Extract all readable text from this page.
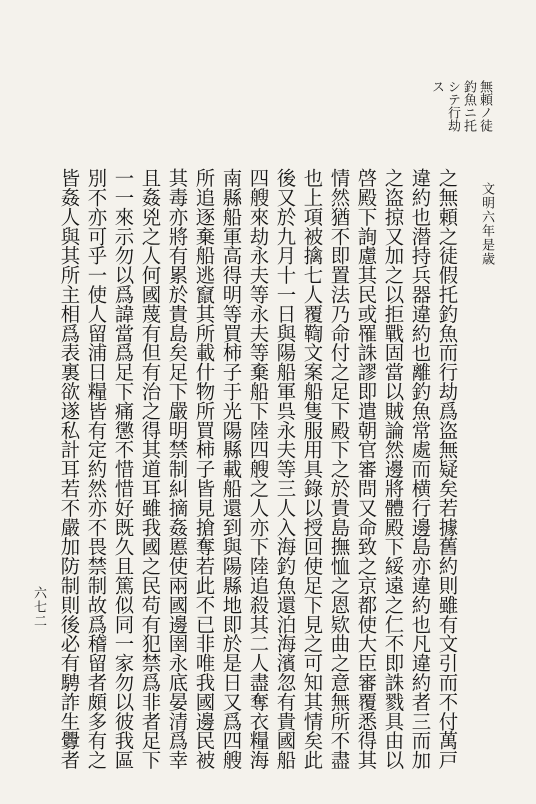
無頼ノ徒
釣魚ニ托
シテ行劫
ス
文明六年是歳
之無頼之徒假托釣魚而行劫爲盗無疑矣若據舊約則雖有文引而不付萬戸
違約也潜持兵器違約也離釣魚常處而横行邊島亦違約也凡違約者三而加
之盗掠又加之以拒戰固當以賊論然邊將體殿下綏遠之仁不即誅戮具由以
啓殿下詢慮其民或罹誅謬即遣朝官審問又命致之京都使大臣審覆悉得其
情然猶不即置法乃命付之足下殿下之於貴島撫恤之恩欵曲之意無所不盡
也上項被擒七人覆鞫文案船隻服用具錄以授回使足下見之可知其情矣此
後又於九月十一日與陽船軍呉永夫等三人入海釣魚還泊海濱忽有貴國船
四艘來劫永夫等永夫等棄船下陸四艘之人亦下陸追殺其二人盡奪衣糧海
南縣船軍高得明等買柿子于光陽縣載船還到與陽縣地即於是日又爲四艘
所追逐棄船逃竄其所載什物所買柿子皆見搶奪若此不已非唯我國邊民被
其毒亦將有累於貴島矣足下嚴明禁制糾摘姦慝使兩國邊圉永底晏清爲幸
且姦兇之人何國蔑有但有治之得其道耳雖我國之民苟有犯禁爲非者足下
一一來示勿以爲諱當爲足下痛懲不惜惜好既久且篤似同一家勿以彼我區
別不亦可乎一使人留浦日糧皆有定約然亦不畏禁制故爲稽留者頗多有之
皆姦人與其所主相爲表裏欲遂私計耳若不嚴加防制則後必有騁詐生釁者
六七二
